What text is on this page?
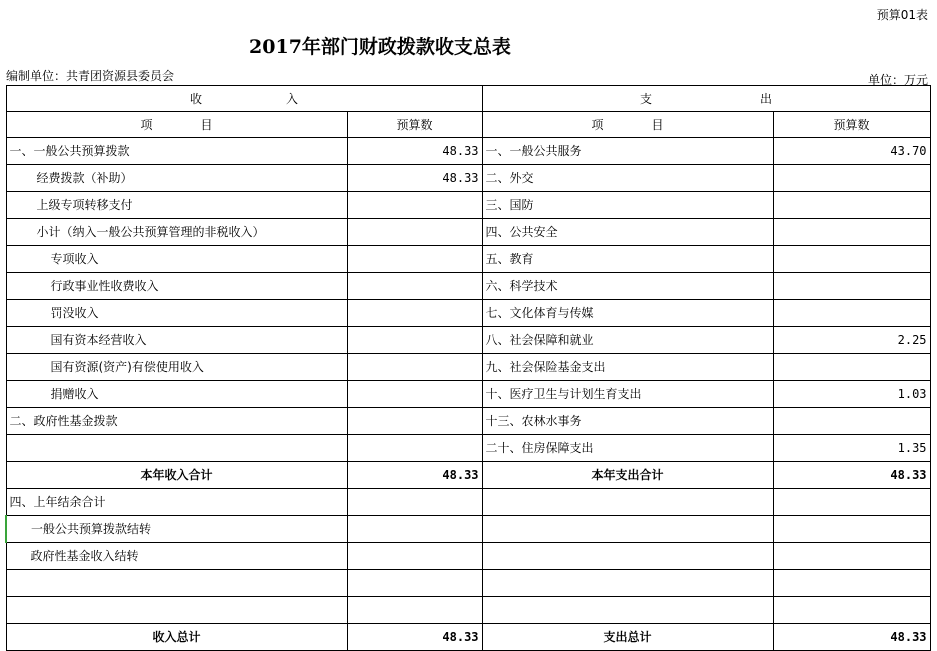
预算01表
2017年部门财政拨款收支总表
编制单位：共青团资源县委员会	单位：万元
收　　　　　　　入		支　　　　　　　　　出	
项　　　　目	预算数	项　　　　目	预算数
一、一般公共预算拨款	48.33	一、一般公共服务	43.70
经费拨款（补助）	48.33	二、外交	
上级专项转移支付		三、国防	
小计（纳入一般公共预算管理的非税收入）		四、公共安全	
专项收入		五、教育	
行政事业性收费收入		六、科学技术	
罚没收入		七、文化体育与传媒	
国有资本经营收入		八、社会保障和就业	2.25
国有资源(资产)有偿使用收入		九、社会保险基金支出	
捐赠收入		十、医疗卫生与计划生育支出	1.03
二、政府性基金拨款		十三、农林水事务	
		二十、住房保障支出	1.35
本年收入合计	48.33	本年支出合计	48.33
四、上年结余合计			
一般公共预算拨款结转			
政府性基金收入结转			

收入总计	48.33	支出总计	48.33
